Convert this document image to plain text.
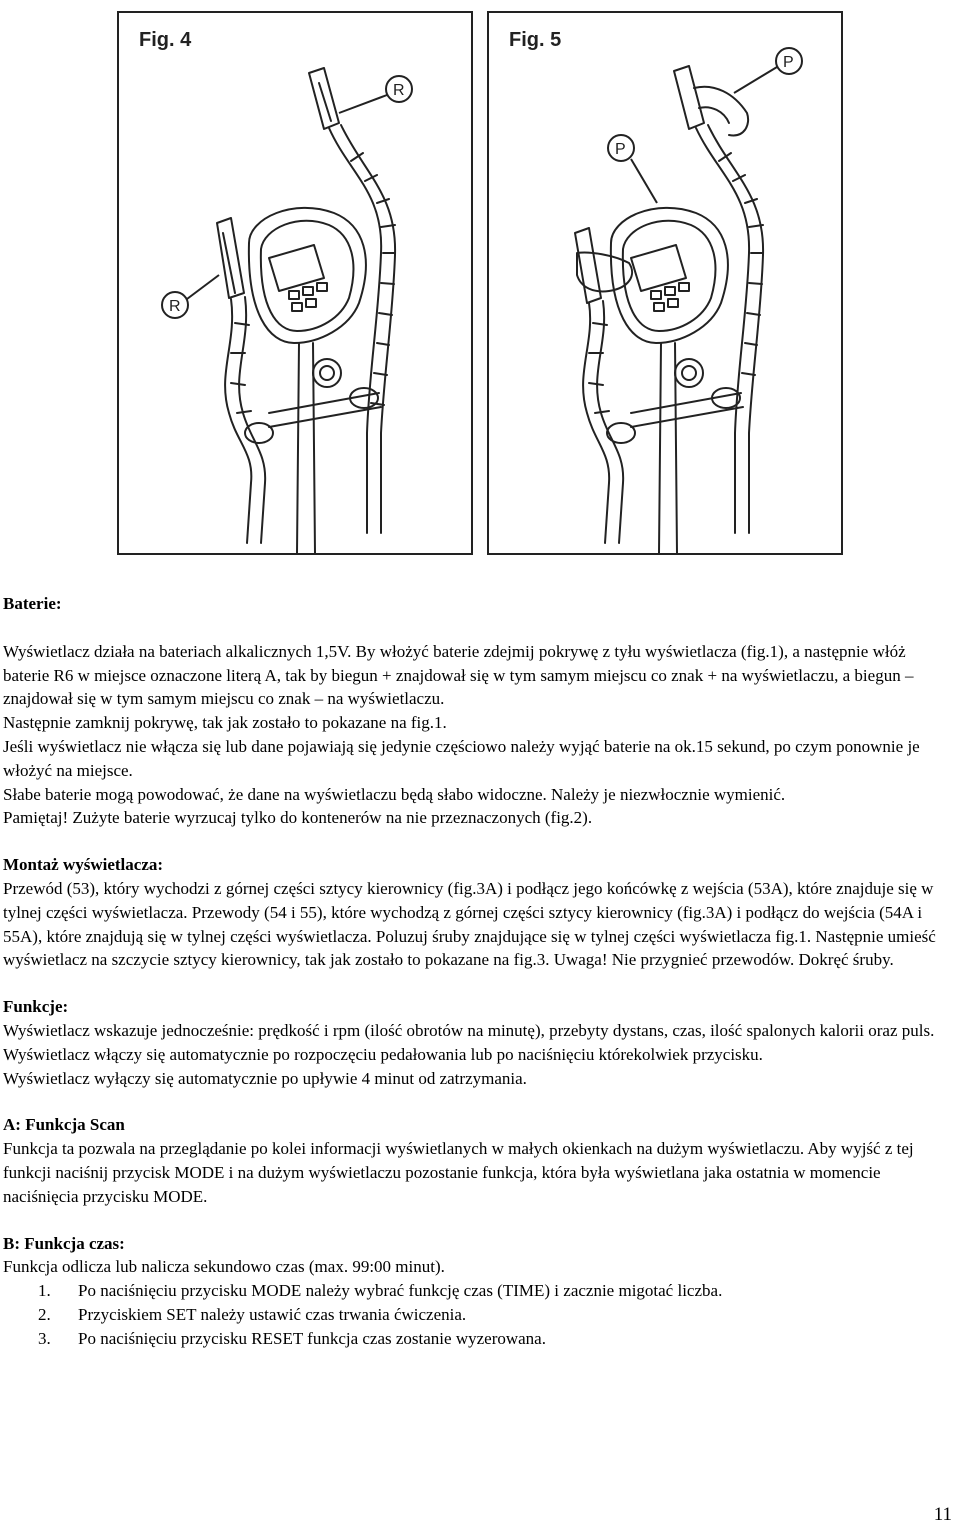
Fig. 4
R
R
Fig. 5
P
P

Baterie:

Wyświetlacz działa na bateriach alkalicznych 1,5V. By włożyć baterie zdejmij pokrywę z tyłu wyświetlacza (fig.1), a następnie włóż baterie R6 w miejsce oznaczone literą A, tak by biegun + znajdował się w tym samym miejscu co znak + na wyświetlaczu, a biegun – znajdował się w tym samym miejscu co znak – na wyświetlaczu.

Następnie zamknij pokrywę, tak jak zostało to pokazane na fig.1.

Jeśli wyświetlacz nie włącza się lub dane pojawiają się jedynie częściowo należy wyjąć baterie na ok.15 sekund, po czym ponownie je włożyć na miejsce.

Słabe baterie mogą powodować, że dane na wyświetlaczu będą słabo widoczne. Należy je niezwłocznie wymienić.

Pamiętaj! Zużyte baterie wyrzucaj tylko do kontenerów na nie przeznaczonych (fig.2).

Montaż wyświetlacza:

Przewód (53), który wychodzi z górnej części sztycy kierownicy (fig.3A) i podłącz jego końcówkę z wejścia (53A), które znajduje się w tylnej części wyświetlacza. Przewody (54 i 55), które wychodzą z górnej części sztycy kierownicy (fig.3A) i podłącz do wejścia (54A i 55A), które znajdują się w tylnej części wyświetlacza. Poluzuj śruby znajdujące się w tylnej części wyświetlacza fig.1. Następnie umieść wyświetlacz na szczycie sztycy kierownicy, tak jak zostało to pokazane na fig.3. Uwaga! Nie przygnieć przewodów. Dokręć śruby.

Funkcje:

Wyświetlacz wskazuje jednocześnie: prędkość i rpm (ilość obrotów na minutę), przebyty dystans, czas, ilość spalonych kalorii oraz puls.

Wyświetlacz włączy się automatycznie po rozpoczęciu pedałowania lub po naciśnięciu którekolwiek przycisku.

Wyświetlacz wyłączy się automatycznie po upływie 4 minut od zatrzymania.

A: Funkcja Scan

Funkcja ta pozwala na przeglądanie po kolei informacji wyświetlanych w małych okienkach na dużym wyświetlaczu. Aby wyjść z tej funkcji naciśnij przycisk MODE i na dużym wyświetlaczu pozostanie funkcja, która była wyświetlana jaka ostatnia w momencie naciśnięcia przycisku MODE.

B: Funkcja czas:

Funkcja odlicza lub nalicza sekundowo czas (max. 99:00 minut).

1. Po naciśnięciu przycisku MODE należy wybrać funkcję czas (TIME) i zacznie migotać liczba.
2. Przyciskiem SET należy ustawić czas trwania ćwiczenia.
3. Po naciśnięciu przycisku RESET funkcja czas zostanie wyzerowana.
11
